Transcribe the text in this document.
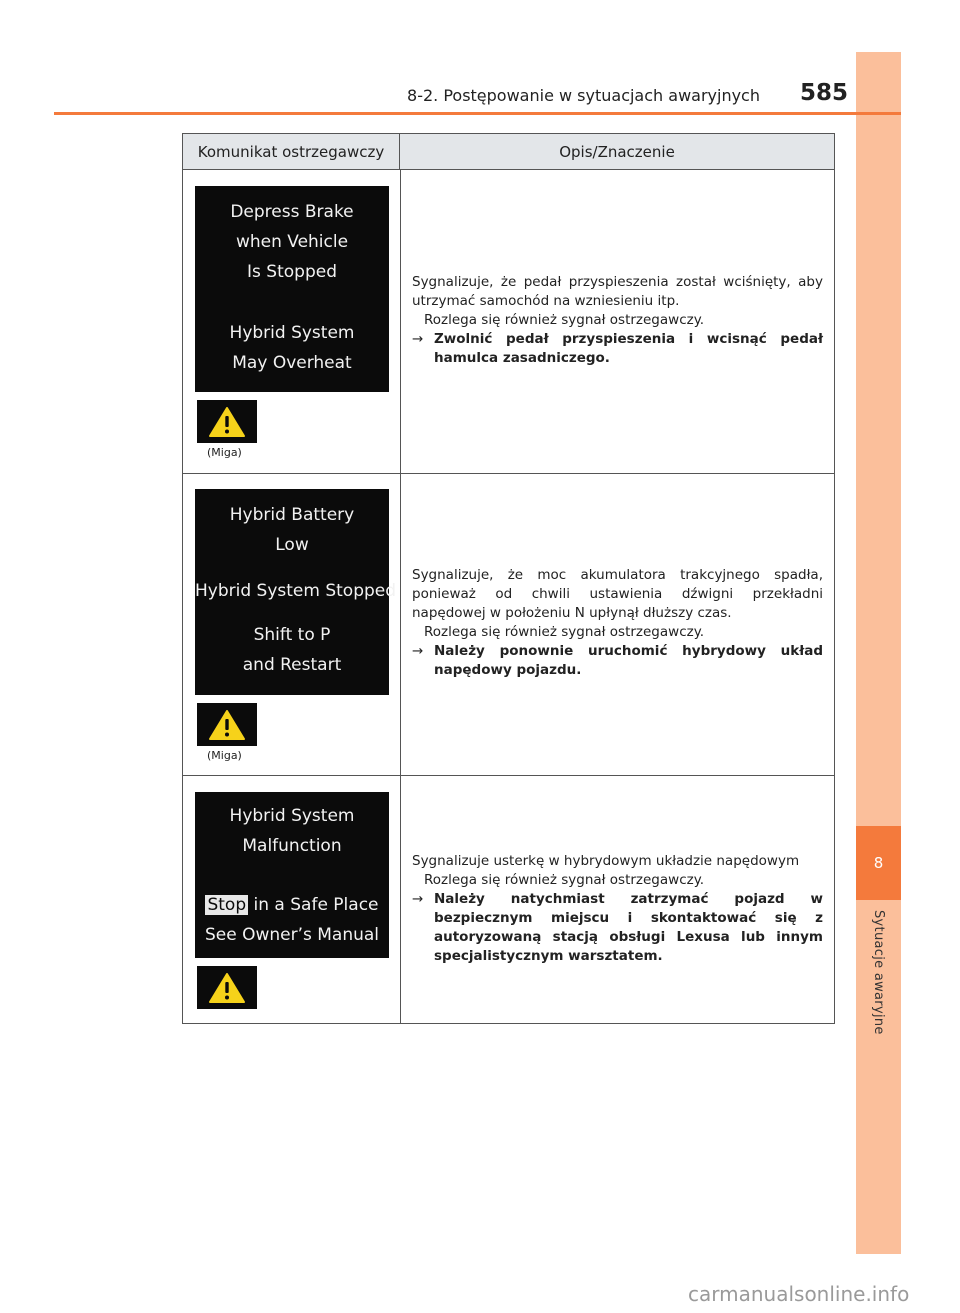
8
Sytuacje awaryjne
8-2. Postępowanie w sytuacjach awaryjnych 585
Komunikat ostrzegawczy	Opis/Znaczenie
Depress Brake
when Vehicle
Is Stopped
Hybrid System
May Overheat
(Miga)
Sygnalizuje, że pedał przyspieszenia został wciśnięty, aby utrzymać samochód na wzniesieniu itp.
Rozlega się również sygnał ostrzegawczy.
→ Zwolnić pedał przyspieszenia i wcisnąć pedał hamulca zasadniczego.
Hybrid Battery
Low
Hybrid System Stopped
Shift to P
and Restart
(Miga)
Sygnalizuje, że moc akumulatora trakcyjnego spadła, ponieważ od chwili ustawienia dźwigni przekładni napędowej w położeniu N upłynął dłuższy czas.
Rozlega się również sygnał ostrzegawczy.
→ Należy ponownie uruchomić hybrydowy układ napędowy pojazdu.
Hybrid System
Malfunction
Stop in a Safe Place
See Owner’s Manual
Sygnalizuje usterkę w hybrydowym układzie napędowym
Rozlega się również sygnał ostrzegawczy.
→ Należy natychmiast zatrzymać pojazd w bezpiecznym miejscu i skontaktować się z autoryzowaną stacją obsługi Lexusa lub innym specjalistycznym warsztatem.
carmanualsonline.info
